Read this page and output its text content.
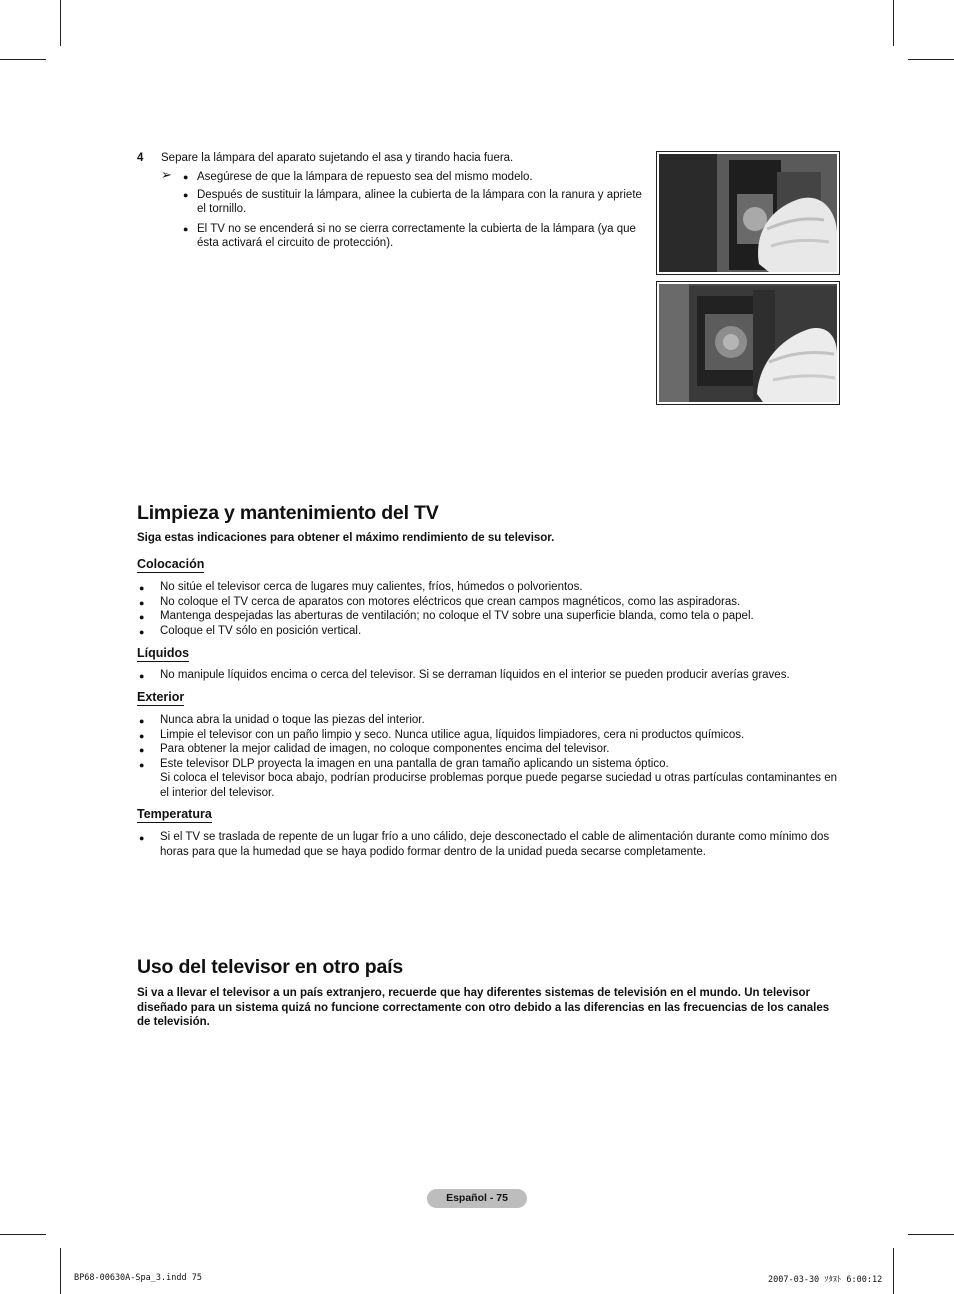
4 Separe la lámpara del aparato sujetando el asa y tirando hacia fuera.
➢ ● Asegúrese de que la lámpara de repuesto sea del mismo modelo.
● Después de sustituir la lámpara, alinee la cubierta de la lámpara con la ranura y apriete el tornillo.
● El TV no se encenderá si no se cierra correctamente la cubierta de la lámpara (ya que ésta activará el circuito de protección).
Limpieza y mantenimiento del TV
Siga estas indicaciones para obtener el máximo rendimiento de su televisor.
Colocación
● No sitúe el televisor cerca de lugares muy calientes, fríos, húmedos o polvorientos.
● No coloque el TV cerca de aparatos con motores eléctricos que crean campos magnéticos, como las aspiradoras.
● Mantenga despejadas las aberturas de ventilación; no coloque el TV sobre una superficie blanda, como tela o papel.
● Coloque el TV sólo en posición vertical.
Líquidos
● No manipule líquidos encima o cerca del televisor. Si se derraman líquidos en el interior se pueden producir averías graves.
Exterior
● Nunca abra la unidad o toque las piezas del interior.
● Limpie el televisor con un paño limpio y seco. Nunca utilice agua, líquidos limpiadores, cera ni productos químicos.
● Para obtener la mejor calidad de imagen, no coloque componentes encima del televisor.
● Este televisor DLP proyecta la imagen en una pantalla de gran tamaño aplicando un sistema óptico.
Si coloca el televisor boca abajo, podrían producirse problemas porque puede pegarse suciedad u otras partículas contaminantes en el interior del televisor.
Temperatura
● Si el TV se traslada de repente de un lugar frío a uno cálido, deje desconectado el cable de alimentación durante como mínimo dos horas para que la humedad que se haya podido formar dentro de la unidad pueda secarse completamente.
Uso del televisor en otro país
Si va a llevar el televisor a un país extranjero, recuerde que hay diferentes sistemas de televisión en el mundo. Un televisor diseñado para un sistema quizá no funcione correctamente con otro debido a las diferencias en las frecuencias de los canales de televisión.
Español - 75
BP68-00630A-Spa_3.indd 75	2007-03-30 ｿﾀﾇﾄ 6:00:12
